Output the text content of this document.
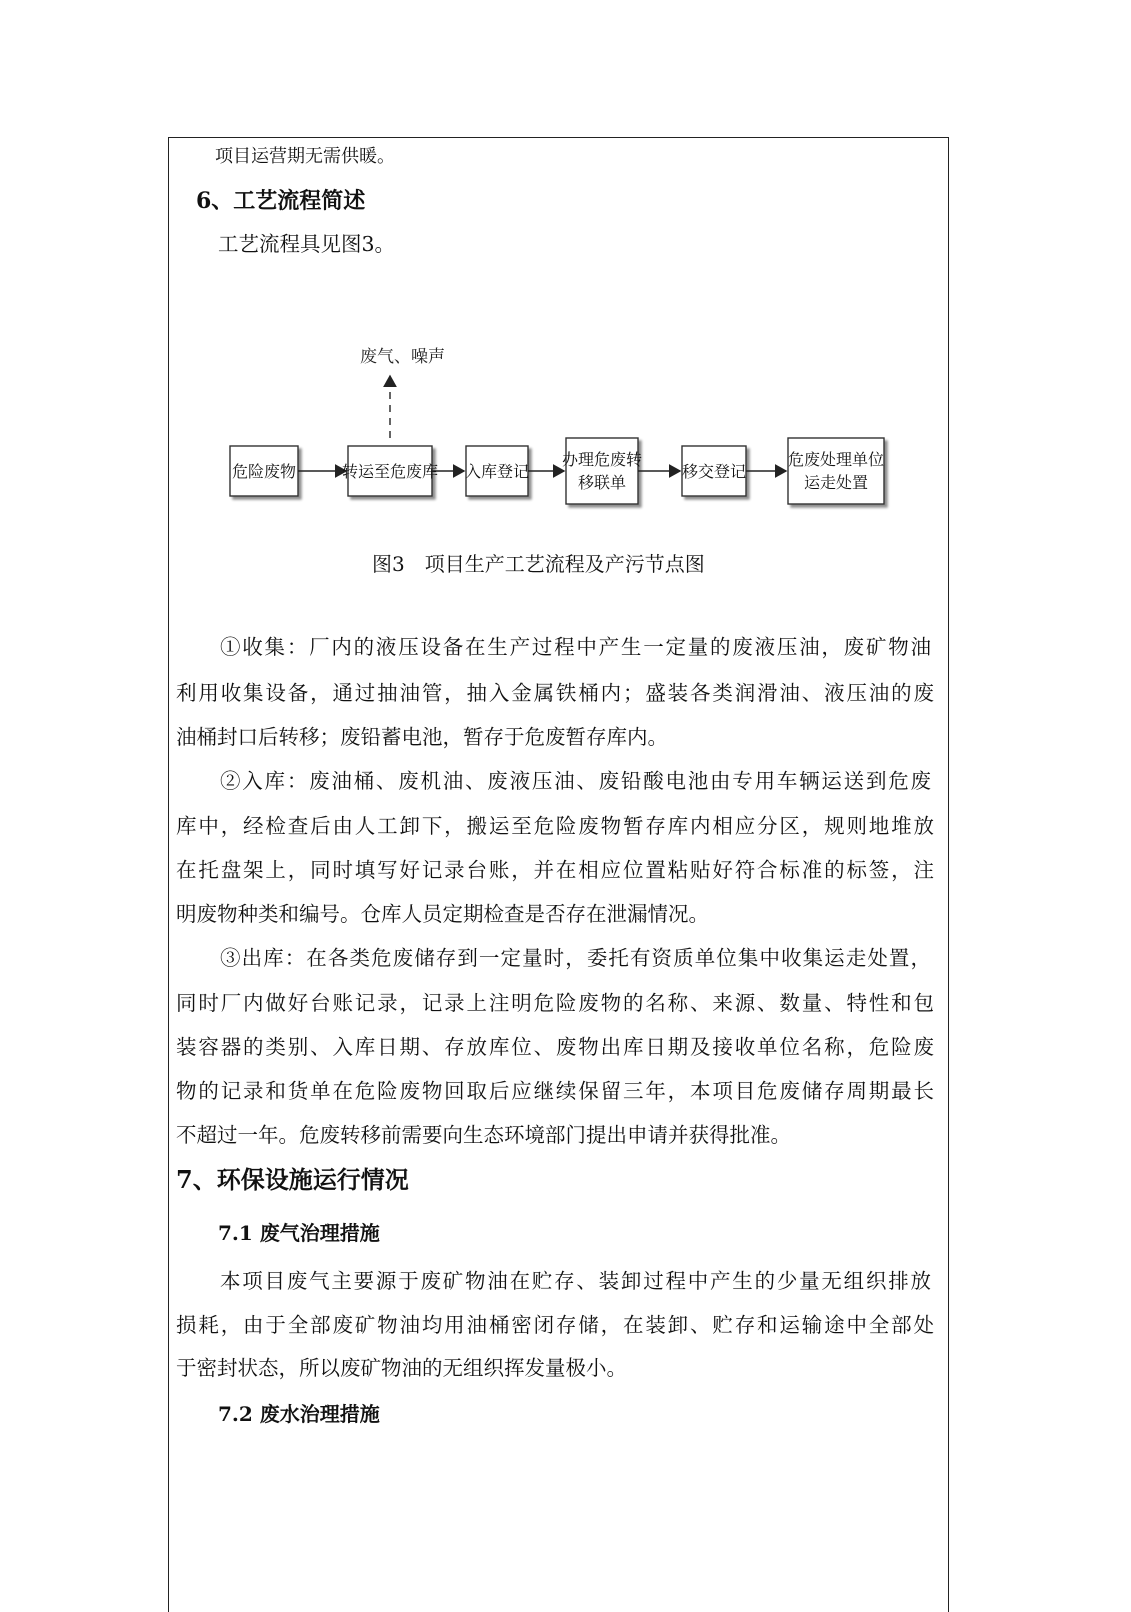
项目运营期无需供暖。
6、工艺流程简述
工艺流程具见图3。
废气、噪声
危险废物	转运至危废库 入库登记
办理危废转
移联单
移交登记
危废处理单位
运走处置
图3　项目生产工艺流程及产污节点图
①收集：厂内的液压设备在生产过程中产生一定量的废液压油，废矿物油
利用收集设备，通过抽油管，抽入金属铁桶内；盛装各类润滑油、液压油的废
油桶封口后转移；废铅蓄电池，暂存于危废暂存库内。
②入库：废油桶、废机油、废液压油、废铅酸电池由专用车辆运送到危废
库中，经检查后由人工卸下，搬运至危险废物暂存库内相应分区，规则地堆放
在托盘架上，同时填写好记录台账，并在相应位置粘贴好符合标准的标签，注
明废物种类和编号。仓库人员定期检查是否存在泄漏情况。
③出库：在各类危废储存到一定量时，委托有资质单位集中收集运走处置，
同时厂内做好台账记录，记录上注明危险废物的名称、来源、数量、特性和包
装容器的类别、入库日期、存放库位、废物出库日期及接收单位名称，危险废
物的记录和货单在危险废物回取后应继续保留三年，本项目危废储存周期最长
不超过一年。危废转移前需要向生态环境部门提出申请并获得批准。
7、环保设施运行情况
7.1 废气治理措施
本项目废气主要源于废矿物油在贮存、装卸过程中产生的少量无组织排放
损耗，由于全部废矿物油均用油桶密闭存储，在装卸、贮存和运输途中全部处
于密封状态，所以废矿物油的无组织挥发量极小。
7.2 废水治理措施
